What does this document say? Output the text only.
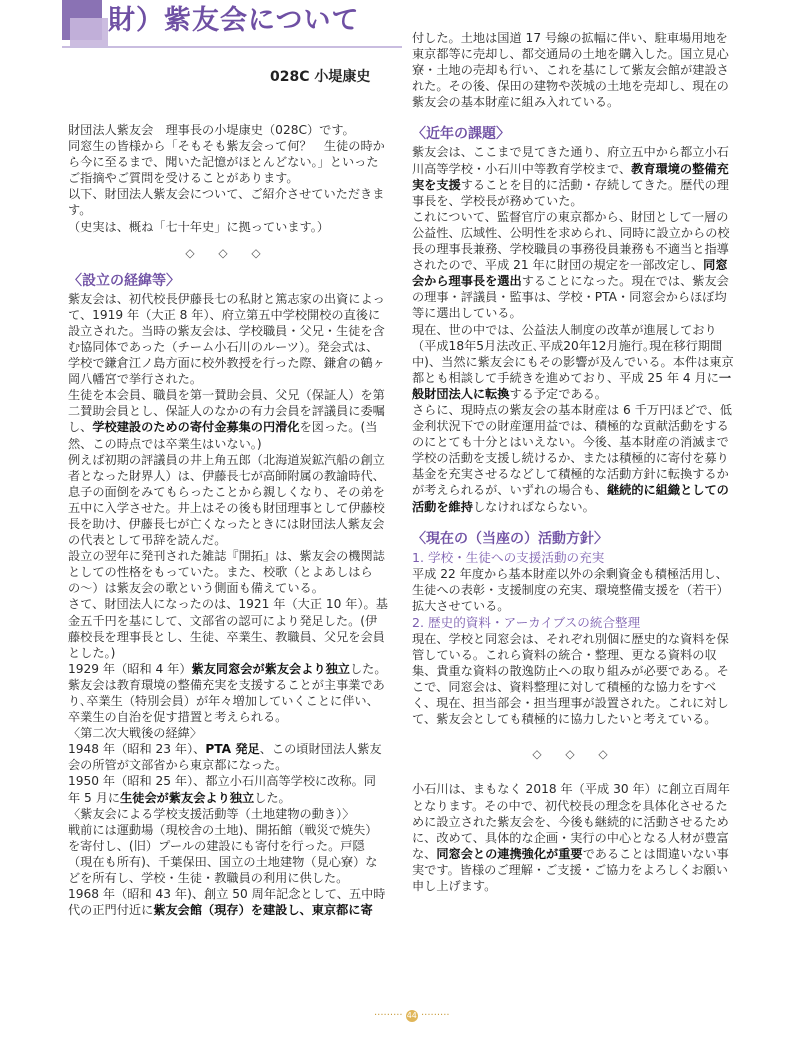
財）紫友会について
028C 小堤康史

財団法人紫友会　理事長の小堤康史（028C）です。

同窓生の皆様から「そもそも紫友会って何？　生徒の時から今に至るまで、聞いた記憶がほとんどない。」といったご指摘やご質問を受けることがあります。

以下、財団法人紫友会について、ご紹介させていただきます。

（史実は、概ね「七十年史」に拠っています。）

◇ ◇ ◇

〈設立の経緯等〉

紫友会は、初代校長伊藤長七の私財と篤志家の出資によって、1919 年（大正 8 年）、府立第五中学校開校の直後に設立された。当時の紫友会は、学校職員・父兄・生徒を含む協同体であった（チーム小石川のルーツ）。発会式は、学校で鎌倉江ノ島方面に校外教授を行った際、鎌倉の鶴ヶ岡八幡宮で挙行された。

生徒を本会員、職員を第一賛助会員、父兄（保証人）を第二賛助会員とし、保証人のなかの有力会員を評議員に委嘱し、学校建設のための寄付金募集の円滑化を図った。(当然、この時点では卒業生はいない。)

例えば初期の評議員の井上角五郎（北海道炭鉱汽船の創立者となった財界人）は、伊藤長七が高師附属の教諭時代、息子の面倒をみてもらったことから親しくなり、その弟を五中に入学させた。井上はその後も財団理事として伊藤校長を助け、伊藤長七が亡くなったときには財団法人紫友会の代表として弔辞を読んだ。

設立の翌年に発刊された雑誌『開拓』は、紫友会の機関誌としての性格をもっていた。また、校歌（とよあしはらの〜）は紫友会の歌という側面も備えている。

さて、財団法人になったのは、1921 年（大正 10 年）。基金五千円を基にして、文部省の認可により発足した。(伊藤校長を理事長とし、生徒、卒業生、教職員、父兄を会員とした。)

1929 年（昭和 4 年）紫友同窓会が紫友会より独立した。紫友会は教育環境の整備充実を支援することが主事業であり､卒業生（特別会員）が年々増加していくことに伴い、卒業生の自治を促す措置と考えられる。

〈第二次大戦後の経緯〉

1948 年（昭和 23 年）、PTA 発足、この頃財団法人紫友会の所管が文部省から東京都になった。

1950 年（昭和 25 年）、都立小石川高等学校に改称。同年 5 月に生徒会が紫友会より独立した。

〈紫友会による学校支援活動等（土地建物の動き）〉

戦前には運動場（現校舎の土地)、開拓館（戦災で焼失）を寄付し、(旧）プールの建設にも寄付を行った。戸隠（現在も所有)、千葉保田、国立の土地建物（見心寮）などを所有し、学校・生徒・教職員の利用に供した。

1968 年（昭和 43 年)、創立 50 周年記念として、五中時代の正門付近に紫友会館（現存）を建設し、東京都に寄

付した。土地は国道 17 号線の拡幅に伴い、駐車場用地を東京都等に売却し、都交通局の土地を購入した。国立見心寮・土地の売却も行い、これを基にして紫友会館が建設された。その後、保田の建物や茨城の土地を売却し、現在の紫友会の基本財産に組み入れている。

〈近年の課題〉

紫友会は、ここまで見てきた通り、府立五中から都立小石川高等学校・小石川中等教育学校まで、教育環境の整備充実を支援することを目的に活動・存続してきた。歴代の理事長を、学校長が務めていた。

これについて、監督官庁の東京都から、財団として一層の公益性、広域性、公明性を求められ、同時に設立からの校長の理事長兼務、学校職員の事務役員兼務も不適当と指導されたので、平成 21 年に財団の規定を一部改定し、同窓会から理事長を選出することになった。現在では、紫友会の理事・評議員・監事は、学校・PTA・同窓会からほぼ均等に選出している。

現在、世の中では、公益法人制度の改革が進展しており（平成18年5月法改正､平成20年12月施行｡現在移行期間中)、当然に紫友会にもその影響が及んでいる。本件は東京都とも相談して手続きを進めており、平成 25 年 4 月に一般財団法人に転換する予定である。

さらに、現時点の紫友会の基本財産は 6 千万円ほどで、低金利状況下での財産運用益では、積極的な貢献活動をするのにとても十分とはいえない。今後、基本財産の消滅まで学校の活動を支援し続けるか、または積極的に寄付を募り基金を充実させるなどして積極的な活動方針に転換するかが考えられるが、いずれの場合も、継続的に組織としての活動を維持しなければならない。

〈現在の（当座の）活動方針〉

1. 学校・生徒への支援活動の充実

平成 22 年度から基本財産以外の余剰資金も積極活用し、生徒への表彰・支援制度の充実、環境整備支援を（若干）拡大させている。

2. 歴史的資料・アーカイブスの統合整理

現在、学校と同窓会は、それぞれ別個に歴史的な資料を保管している。これら資料の統合・整理、更なる資料の収集、貴重な資料の散逸防止への取り組みが必要である。そこで、同窓会は、資料整理に対して積極的な協力をすべく、現在、担当部会・担当理事が設置された。これに対して、紫友会としても積極的に協力したいと考えている。

◇ ◇ ◇

小石川は、まもなく 2018 年（平成 30 年）に創立百周年となります。その中で、初代校長の理念を具体化させるために設立された紫友会を、今後も継続的に活動させるために、改めて、具体的な企画・実行の中心となる人材が豊富な、同窓会との連携強化が重要であることは間違いない事実です。皆様のご理解・ご支援・ご協力をよろしくお願い申し上げます。

········· 44 ·········
